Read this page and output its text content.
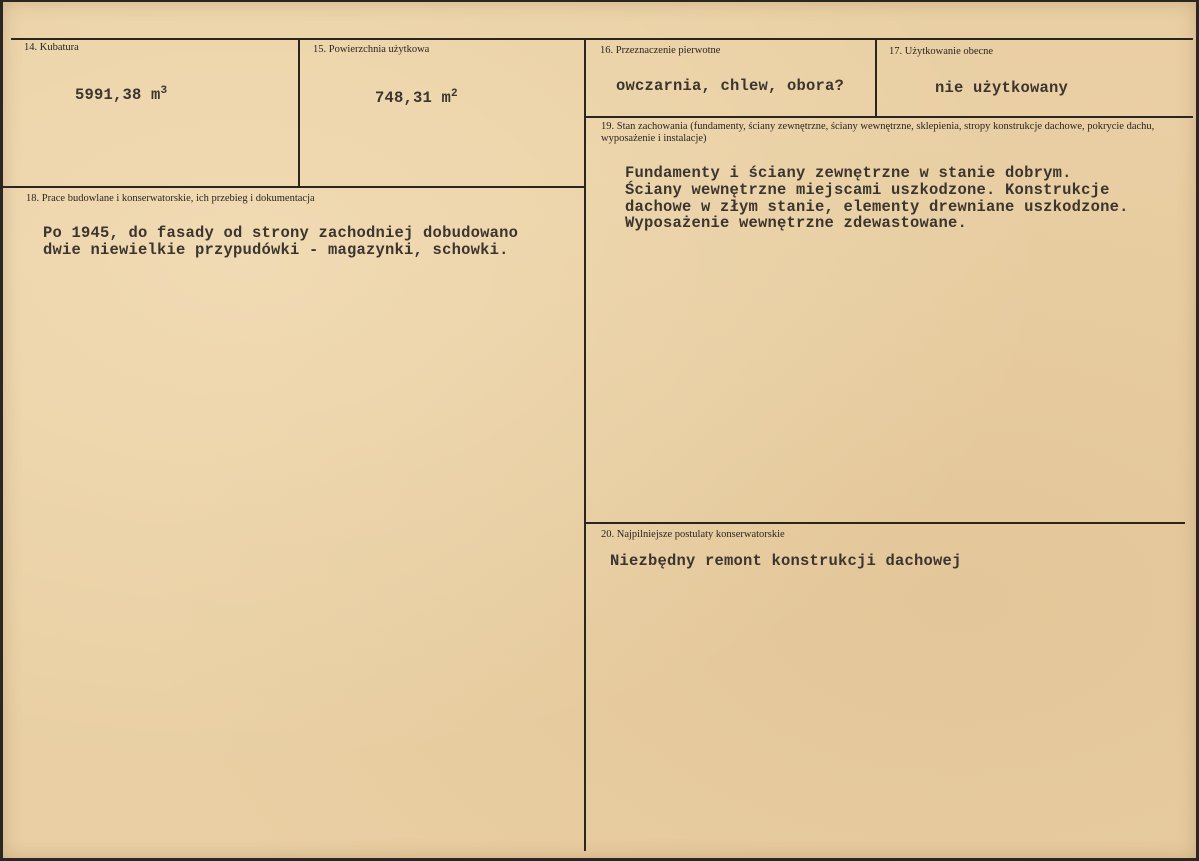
14. Kubatura
5991,38 $m^3$
15. Powierzchnia użytkowa
748,31 $m^2$
16. Przeznaczenie pierwotne
owczarnia, chlew, obora?
17. Użytkowanie obecne
nie użytkowany
18. Prace budowlane i konserwatorskie, ich przebieg i dokumentacja
Po 1945, do fasady od strony zachodniej dobudowano
dwie niewielkie przypudówki - magazynki, schowki.
19. Stan zachowania (fundamenty, ściany zewnętrzne, ściany wewnętrzne, sklepienia, stropy konstrukcje dachowe, pokrycie dachu, wyposażenie i instalacje)
Fundamenty i ściany zewnętrzne w stanie dobrym.
Ściany wewnętrzne miejscami uszkodzone. Konstrukcje
dachowe w złym stanie, elementy drewniane uszkodzone.
Wyposażenie wewnętrzne zdewastowane.
20. Najpilniejsze postulaty konserwatorskie
Niezbędny remont konstrukcji dachowej
